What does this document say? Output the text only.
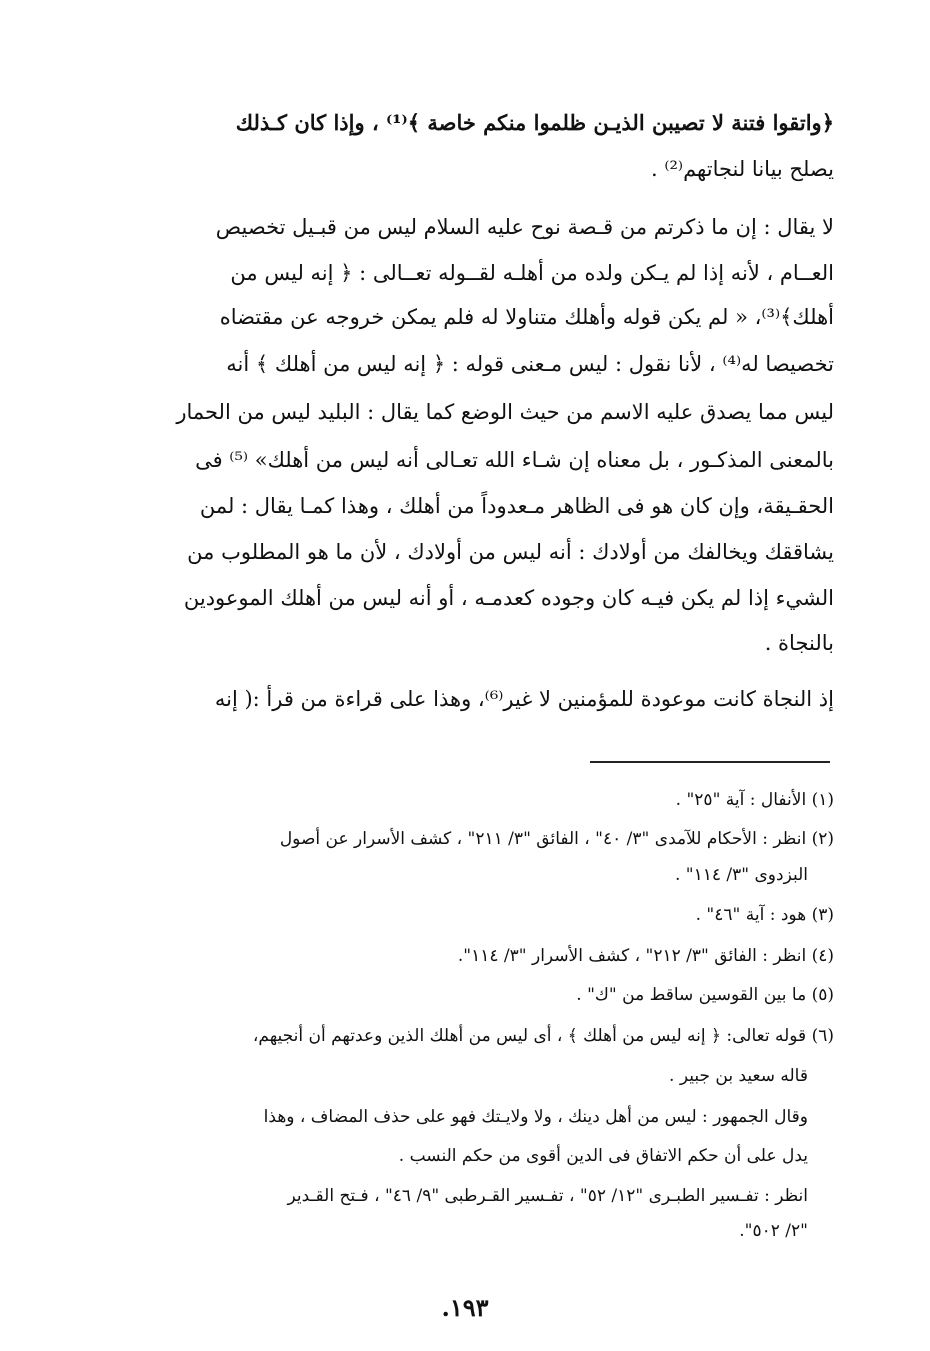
﴿واتقوا فتنة لا تصيبن الذيـن ظلموا منكم خاصة ﴾⁽¹⁾ ، وإذا كان كـذلك
يصلح بيانا لنجاتهم⁽²⁾ .
لا يقال : إن ما ذكرتم من قـصة نوح عليه السلام ليس من قبـيل تخصيص
العــام ، لأنه إذا لم يـكن ولده من أهلـه لقــوله تعــالى : ﴿ إنه ليس من
أهلك﴾⁽³⁾، « لم يكن قوله وأهلك متناولا له فلم يمكن خروجه عن مقتضاه
تخصيصا له⁽⁴⁾ ، لأنا نقول : ليس مـعنى قوله : ﴿ إنه ليس من أهلك ﴾ أنه
ليس مما يصدق عليه الاسم من حيث الوضع كما يقال : البليد ليس من الحمار
بالمعنى المذكـور ، بل معناه إن شـاء الله تعـالى أنه ليس من أهلك» ⁽⁵⁾ فى
الحقـيقة، وإن كان هو فى الظاهر مـعدوداً من أهلك ، وهذا كمـا يقال : لمن
يشاققك ويخالفك من أولادك : أنه ليس من أولادك ، لأن ما هو المطلوب من
الشيء إذا لم يكن فيـه كان وجوده كعدمـه ، أو أنه ليس من أهلك الموعودين
بالنجاة .
إذ النجاة كانت موعودة للمؤمنين لا غير⁽⁶⁾، وهذا على قراءة من قرأ :( إنه
(١) الأنفال : آية "٢٥" .
(٢) انظر : الأحكام للآمدى "٣/ ٤٠" ، الفائق "٣/ ٢١١" ، كشف الأسرار عن أصول
البزدوى "٣/ ١١٤" .
(٣) هود : آية "٤٦" .
(٤) انظر : الفائق "٣/ ٢١٢" ، كشف الأسرار "٣/ ١١٤".
(٥) ما بين القوسين ساقط من "ك" .
(٦) قوله تعالى: ﴿ إنه ليس من أهلك ﴾ ، أى ليس من أهلك الذين وعدتهم أن أنجيهم،
قاله سعيد بن جبير .
وقال الجمهور : ليس من أهل دينك ، ولا ولايـتك فهو على حذف المضاف ، وهذا
يدل على أن حكم الاتفاق فى الدين أقوى من حكم النسب .
انظر : تفـسير الطبـرى "١٢/ ٥٢" ، تفـسير القـرطبى "٩/ ٤٦" ، فـتح القـدير
"٢/ ٥٠٢".
١٩٣.
